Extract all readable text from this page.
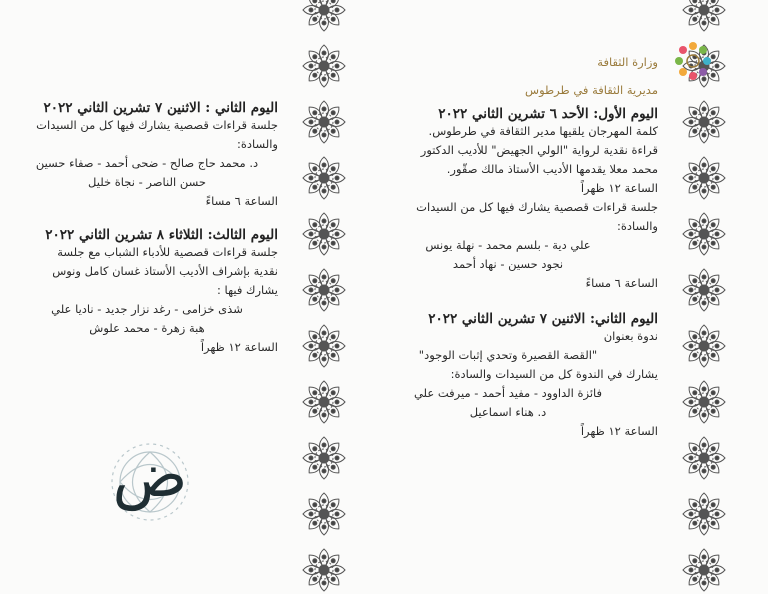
وزارة الثقافة

مديرية الثقافة في طرطوس

اليوم الأول: الأحد ٦ تشرين الثاني ٢٠٢٢

كلمة المهرجان يلقيها مدير الثقافة في طرطوس.

قراءة نقدية لرواية "الولي الجهيض" للأديب الدكتور

محمد معلا يقدمها الأديب الأستاذ مالك صقّور.

الساعة ١٢ ظهراً

جلسة قراءات قصصية يشارك فيها كل من السيدات

والسادة:

علي دية - بلسم محمد - نهلة يونس

نجود حسين - نهاد أحمد

الساعة ٦ مساءً

اليوم الثاني: الاثنين ٧ تشرين الثاني ٢٠٢٢

ندوة بعنوان

"القصة القصيرة وتحدي إثبات الوجود"

يشارك في الندوة كل من السيدات والسادة:

فائزة الداوود - مفيد أحمد - ميرفت علي

د. هناء اسماعيل

الساعة ١٢ ظهراً

اليوم الثاني : الاثنين ٧ تشرين الثاني ٢٠٢٢

جلسة قراءات قصصية يشارك فيها كل من السيدات

والسادة:

د. محمد حاج صالح - ضحى أحمد - صفاء حسين

حسن الناصر - نجاة خليل

الساعة ٦ مساءً

اليوم الثالث: الثلاثاء ٨ تشرين الثاني ٢٠٢٢

جلسة قراءات قصصية للأدباء الشباب مع جلسة

نقدية بإشراف الأديب الأستاذ غسان كامل ونوس

يشارك فيها :

شذى خزامى - رغد نزار جديد - ناديا علي

هبة زهرة - محمد علوش

الساعة ١٢ ظهراً

ض
